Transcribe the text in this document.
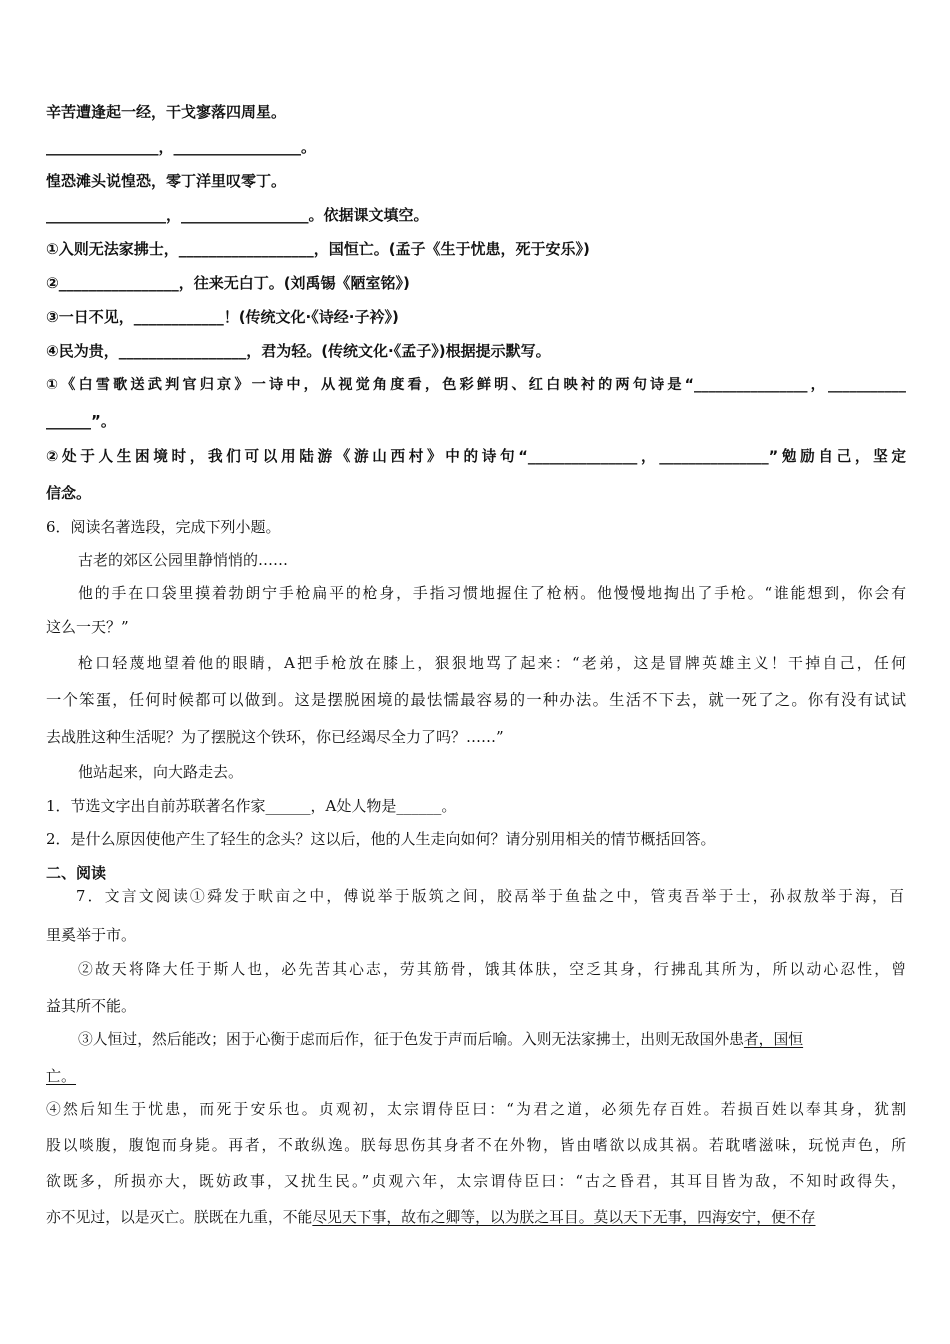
辛苦遭逢起一经，干戈寥落四周星。
_______________，_________________。
惶恐滩头说惶恐，零丁洋里叹零丁。
________________，_________________。依据课文填空。
①入则无法家拂士，__________________，国恒亡。(孟子《生于忧患，死于安乐》)
②________________，往来无白丁。(刘禹锡《陋室铭》)
③一日不见，____________！(传统文化·《诗经·子衿》)
④民为贵，_________________，君为轻。(传统文化·《孟子》)根据提示默写。
①《白雪歌送武判官归京》一诗中，从视觉角度看，色彩鲜明、红白映衬的两句诗是“________________，___________
______”。
②处于人生困境时，我们可以用陆游《游山西村》中的诗句“_______________，_______________”勉励自己，坚定
信念。
6．阅读名著选段，完成下列小题。
古老的郊区公园里静悄悄的……
他的手在口袋里摸着勃朗宁手枪扁平的枪身，手指习惯地握住了枪柄。他慢慢地掏出了手枪。“谁能想到，你会有
这么一天？”
枪口轻蔑地望着他的眼睛，A把手枪放在膝上，狠狠地骂了起来：“老弟，这是冒牌英雄主义！干掉自己，任何
一个笨蛋，任何时候都可以做到。这是摆脱困境的最怯懦最容易的一种办法。生活不下去，就一死了之。你有没有试试
去战胜这种生活呢？为了摆脱这个铁环，你已经竭尽全力了吗？……”
他站起来，向大路走去。
1．节选文字出自前苏联著名作家______，A处人物是______。
2．是什么原因使他产生了轻生的念头？这以后，他的人生走向如何？请分别用相关的情节概括回答。
二、阅读
7．文言文阅读①舜发于畎亩之中，傅说举于版筑之间，胶鬲举于鱼盐之中，管夷吾举于士，孙叔敖举于海，百
里奚举于市。
②故天将降大任于斯人也，必先苦其心志，劳其筋骨，饿其体肤，空乏其身，行拂乱其所为，所以动心忍性，曾
益其所不能。
③人恒过，然后能改；困于心衡于虑而后作，征于色发于声而后喻。入则无法家拂士，出则无敌国外患者，国恒
亡。
④然后知生于忧患，而死于安乐也。贞观初，太宗谓侍臣曰：“为君之道，必须先存百姓。若损百姓以奉其身，犹割
股以啖腹，腹饱而身毙。再者，不敢纵逸。朕每思伤其身者不在外物，皆由嗜欲以成其祸。若耽嗜滋味，玩悦声色，所
欲既多，所损亦大，既妨政事，又扰生民。”贞观六年，太宗谓侍臣曰：“古之昏君，其耳目皆为敌，不知时政得失，
亦不见过，以是灭亡。朕既在九重，不能尽见天下事，故布之卿等，以为朕之耳目。莫以天下无事，四海安宁，便不存
